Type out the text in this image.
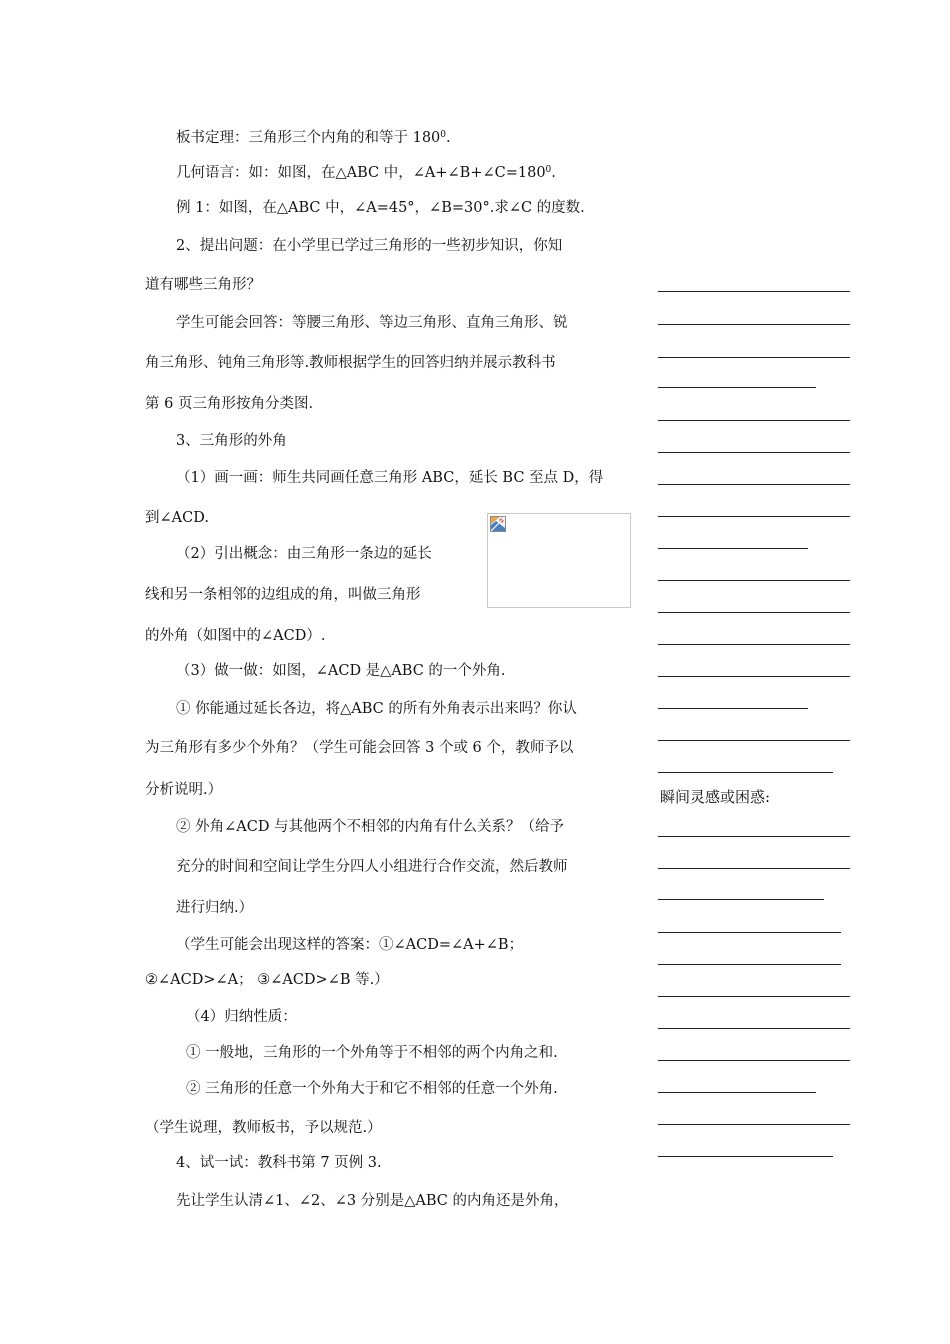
板书定理：三角形三个内角的和等于 $180^0$.
几何语言：如：如图，在△ABC 中，$\angle A+\angle B+\angle C=180^0$.
例 1：如图，在△ABC 中，∠A=45°，∠B=30°.求∠C 的度数.
2、提出问题：在小学里已学过三角形的一些初步知识，你知
道有哪些三角形？
学生可能会回答：等腰三角形、等边三角形、直角三角形、锐
角三角形、钝角三角形等.教师根据学生的回答归纳并展示教科书
第 6 页三角形按角分类图.
3、三角形的外角
（1）画一画：师生共同画任意三角形 ABC，延长 BC 至点 D，得
到∠ACD.
（2）引出概念：由三角形一条边的延长
线和另一条相邻的边组成的角，叫做三角形
的外角（如图中的∠ACD）.
（3）做一做：如图，∠ACD 是△ABC 的一个外角.
① 你能通过延长各边，将△ABC 的所有外角表示出来吗？你认
为三角形有多少个外角？（学生可能会回答 3 个或 6 个，教师予以
分析说明.）
② 外角∠ACD 与其他两个不相邻的内角有什么关系？（给予
充分的时间和空间让学生分四人小组进行合作交流，然后教师
进行归纳.）
（学生可能会出现这样的答案：①∠ACD=∠A+∠B；
②∠ACD>∠A； ③∠ACD>∠B 等.）
（4）归纳性质：
① 一般地，三角形的一个外角等于不相邻的两个内角之和.
② 三角形的任意一个外角大于和它不相邻的任意一个外角.
（学生说理，教师板书，予以规范.）
4、试一试：教科书第 7 页例 3.
先让学生认清∠1、∠2、∠3 分别是△ABC 的内角还是外角，
瞬间灵感或困惑:
